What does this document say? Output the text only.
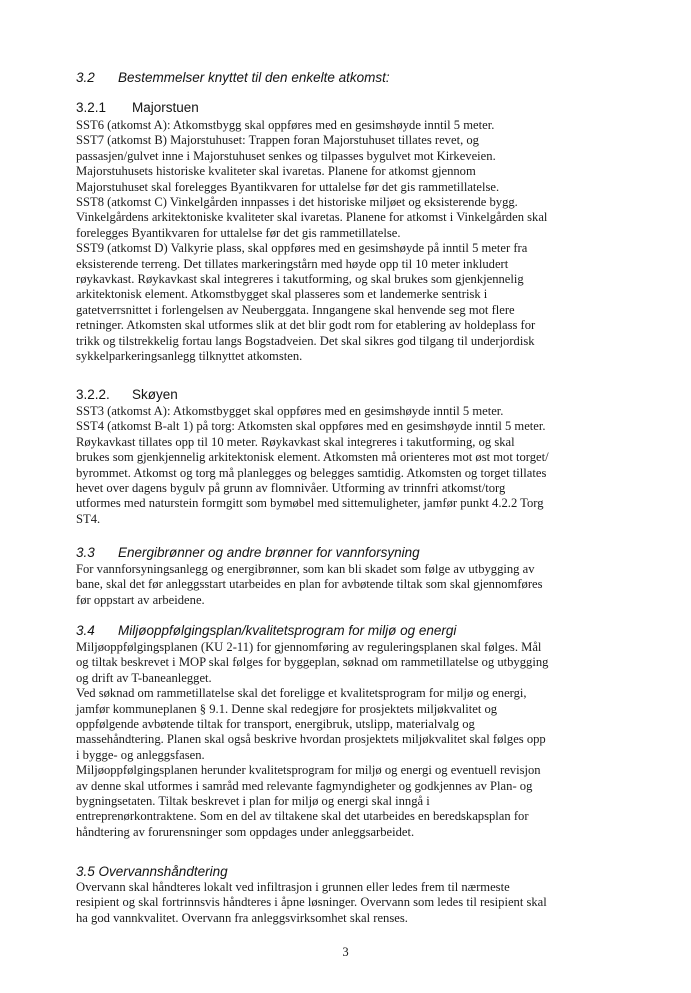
3.2 Bestemmelser knyttet til den enkelte atkomst:
3.2.1 Majorstuen
SST6 (atkomst A): Atkomstbygg skal oppføres med en gesimshøyde inntil 5 meter.
SST7 (atkomst B) Majorstuhuset: Trappen foran Majorstuhuset tillates revet, og
passasjen/gulvet inne i Majorstuhuset senkes og tilpasses bygulvet mot Kirkeveien.
Majorstuhusets historiske kvaliteter skal ivaretas. Planene for atkomst gjennom
Majorstuhuset skal forelegges Byantikvaren for uttalelse før det gis rammetillatelse.
SST8 (atkomst C) Vinkelgården innpasses i det historiske miljøet og eksisterende bygg.
Vinkelgårdens arkitektoniske kvaliteter skal ivaretas. Planene for atkomst i Vinkelgården skal
forelegges Byantikvaren for uttalelse før det gis rammetillatelse.
SST9 (atkomst D) Valkyrie plass, skal oppføres med en gesimshøyde på inntil 5 meter fra
eksisterende terreng. Det tillates markeringstårn med høyde opp til 10 meter inkludert
røykavkast. Røykavkast skal integreres i takutforming, og skal brukes som gjenkjennelig
arkitektonisk element. Atkomstbygget skal plasseres som et landemerke sentrisk i
gatetverrsnittet i forlengelsen av Neuberggata. Inngangene skal henvende seg mot flere
retninger. Atkomsten skal utformes slik at det blir godt rom for etablering av holdeplass for
trikk og tilstrekkelig fortau langs Bogstadveien. Det skal sikres god tilgang til underjordisk
sykkelparkeringsanlegg tilknyttet atkomsten.
3.2.2. Skøyen
SST3 (atkomst A): Atkomstbygget skal oppføres med en gesimshøyde inntil 5 meter.
SST4 (atkomst B-alt 1) på torg: Atkomsten skal oppføres med en gesimshøyde inntil 5 meter.
Røykavkast tillates opp til 10 meter. Røykavkast skal integreres i takutforming, og skal
brukes som gjenkjennelig arkitektonisk element. Atkomsten må orienteres mot øst mot torget/
byrommet. Atkomst og torg må planlegges og belegges samtidig. Atkomsten og torget tillates
hevet over dagens bygulv på grunn av flomnivåer. Utforming av trinnfri atkomst/torg
utformes med naturstein formgitt som bymøbel med sittemuligheter, jamfør punkt 4.2.2 Torg
ST4.
3.3 Energibrønner og andre brønner for vannforsyning
For vannforsyningsanlegg og energibrønner, som kan bli skadet som følge av utbygging av
bane, skal det før anleggsstart utarbeides en plan for avbøtende tiltak som skal gjennomføres
før oppstart av arbeidene.
3.4 Miljøoppfølgingsplan/kvalitetsprogram for miljø og energi
Miljøoppfølgingsplanen (KU 2-11) for gjennomføring av reguleringsplanen skal følges. Mål
og tiltak beskrevet i MOP skal følges for byggeplan, søknad om rammetillatelse og utbygging
og drift av T-baneanlegget.
Ved søknad om rammetillatelse skal det foreligge et kvalitetsprogram for miljø og energi,
jamfør kommuneplanen § 9.1. Denne skal redegjøre for prosjektets miljøkvalitet og
oppfølgende avbøtende tiltak for transport, energibruk, utslipp, materialvalg og
massehåndtering. Planen skal også beskrive hvordan prosjektets miljøkvalitet skal følges opp
i bygge- og anleggsfasen.
Miljøoppfølgingsplanen herunder kvalitetsprogram for miljø og energi og eventuell revisjon
av denne skal utformes i samråd med relevante fagmyndigheter og godkjennes av Plan- og
bygningsetaten. Tiltak beskrevet i plan for miljø og energi skal inngå i
entreprenørkontraktene. Som en del av tiltakene skal det utarbeides en beredskapsplan for
håndtering av forurensninger som oppdages under anleggsarbeidet.
3.5 Overvannshåndtering
Overvann skal håndteres lokalt ved infiltrasjon i grunnen eller ledes frem til nærmeste
resipient og skal fortrinnsvis håndteres i åpne løsninger. Overvann som ledes til resipient skal
ha god vannkvalitet. Overvann fra anleggsvirksomhet skal renses.
3
